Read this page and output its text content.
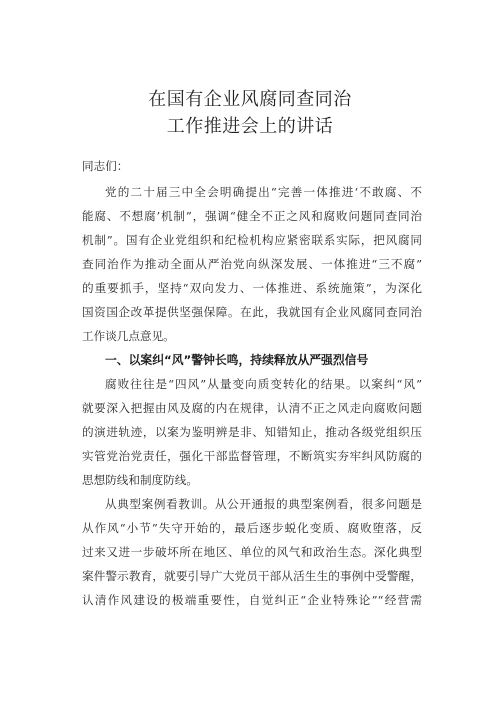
在国有企业风腐同查同治
工作推进会上的讲话
同志们：
党的二十届三中全会明确提出“完善一体推进‘不敢腐、不
能腐、不想腐’机制”，强调“健全不正之风和腐败问题同查同治
机制”。国有企业党组织和纪检机构应紧密联系实际，把风腐同
查同治作为推动全面从严治党向纵深发展、一体推进“三不腐”
的重要抓手，坚持“双向发力、一体推进、系统施策”，为深化
国资国企改革提供坚强保障。在此，我就国有企业风腐同查同治
工作谈几点意见。
一、以案纠“风”警钟长鸣，持续释放从严强烈信号
腐败往往是“四风”从量变向质变转化的结果。以案纠“风”
就要深入把握由风及腐的内在规律，认清不正之风走向腐败问题
的演进轨迹，以案为鉴明辨是非、知错知止，推动各级党组织压
实管党治党责任，强化干部监督管理，不断筑实夯牢纠风防腐的
思想防线和制度防线。
从典型案例看教训。从公开通报的典型案例看，很多问题是
从作风“小节”失守开始的，最后逐步蜕化变质、腐败堕落，反
过来又进一步破坏所在地区、单位的风气和政治生态。深化典型
案件警示教育，就要引导广大党员干部从活生生的事例中受警醒，
认清作风建设的极端重要性，自觉纠正“企业特殊论”“经营需
